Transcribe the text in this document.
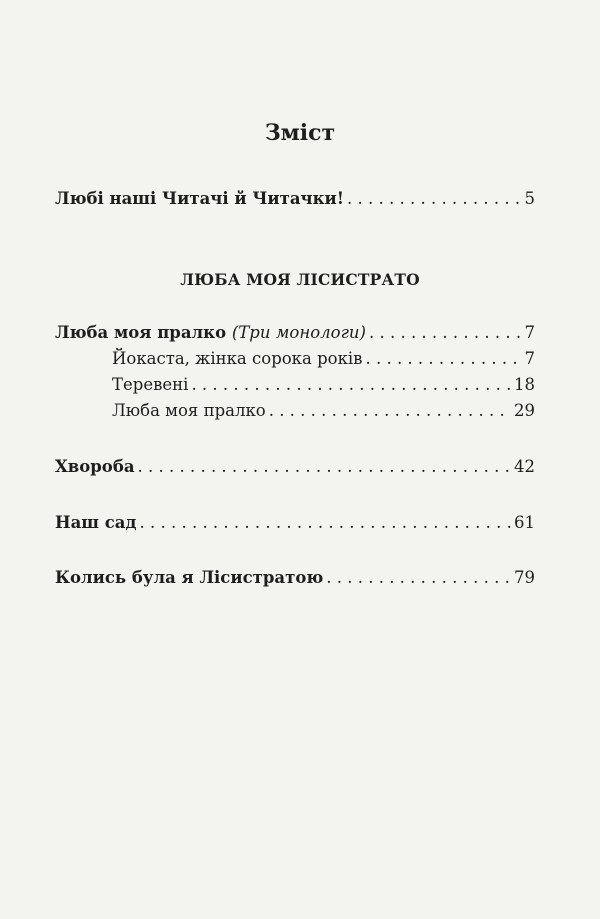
Зміст
Любі наші Читачі й Читачки! . . .	5
ЛЮБА МОЯ ЛІСИСТРАТО
Люба моя пралко (Три монологи) . . .	7
Йокаста, жінка сорока років . . .	7
Теревені . . .	18
Люба моя пралко . . .	29
Хвороба . . .	42
Наш сад . . .	61
Колись була я Лісистратою . . .	79
